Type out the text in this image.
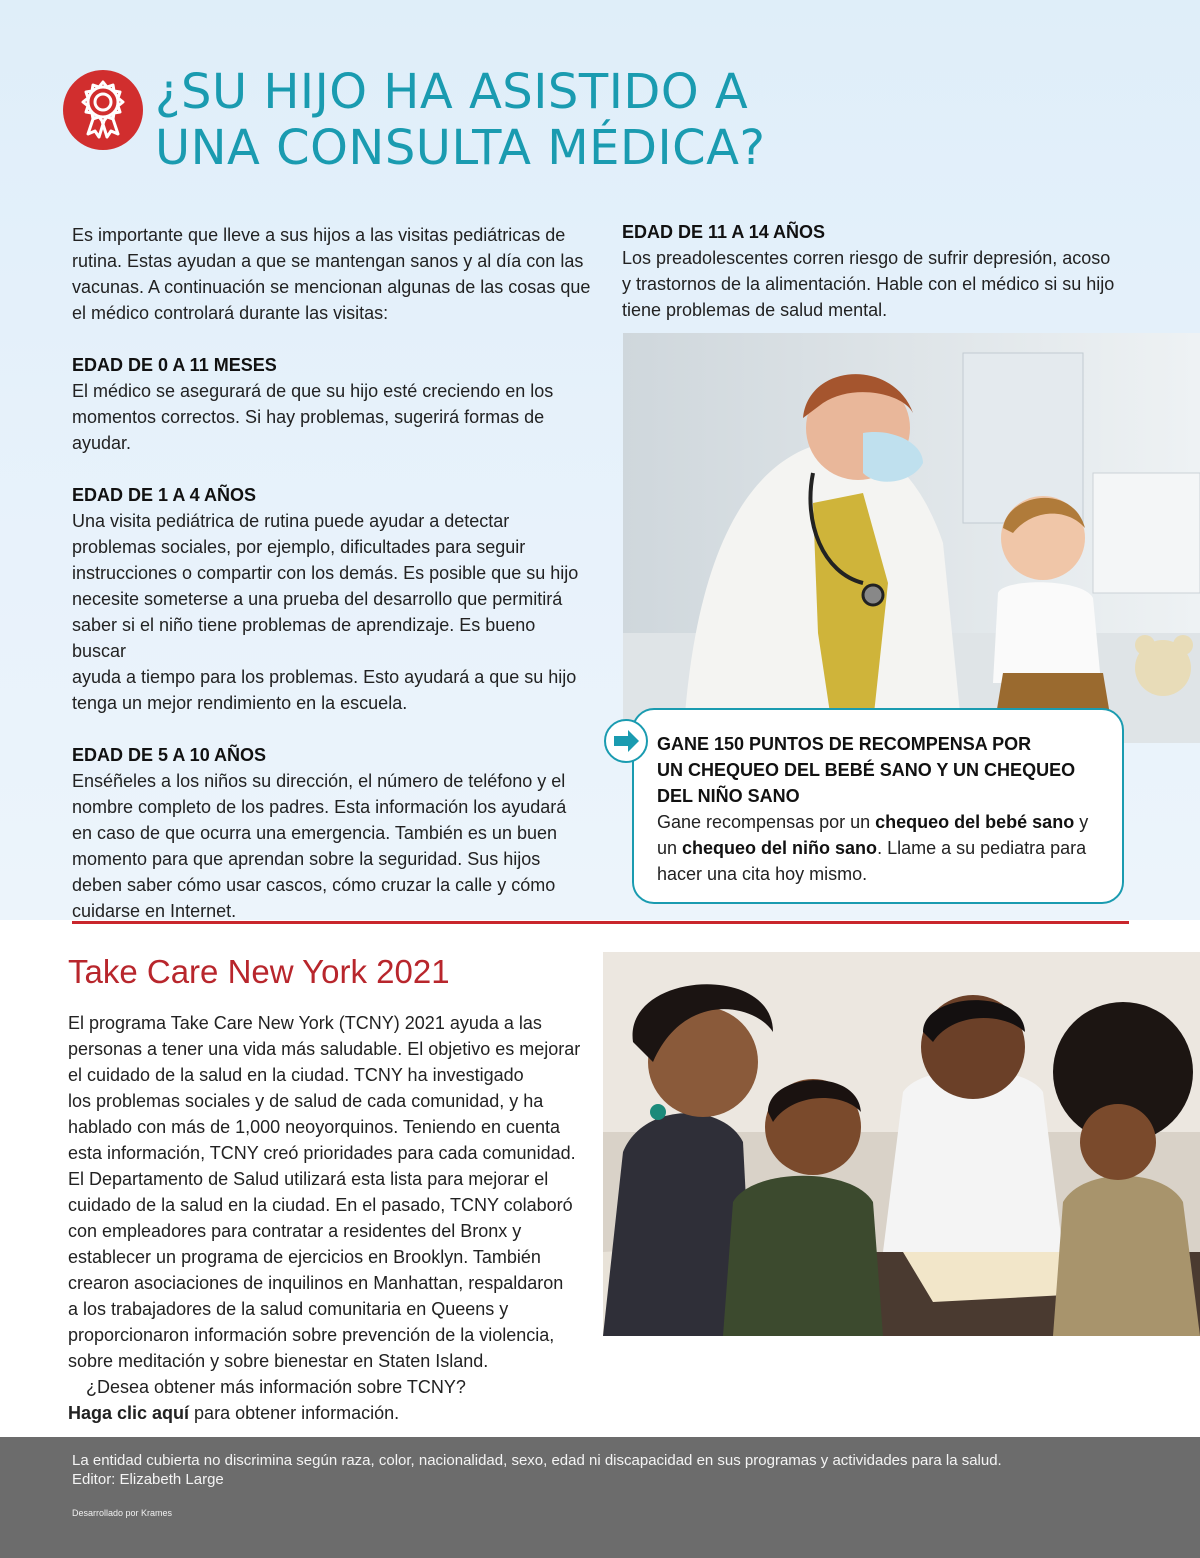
¿SU HIJO HA ASISTIDO A
UNA CONSULTA MÉDICA?

Es importante que lleve a sus hijos a las visitas pediátricas de

rutina. Estas ayudan a que se mantengan sanos y al día con las

vacunas. A continuación se mencionan algunas de las cosas que

el médico controlará durante las visitas:

EDAD DE 0 A 11 MESES

El médico se asegurará de que su hijo esté creciendo en los

momentos correctos. Si hay problemas, sugerirá formas de

ayudar.

EDAD DE 1 A 4 AÑOS

Una visita pediátrica de rutina puede ayudar a detectar

problemas sociales, por ejemplo, dificultades para seguir

instrucciones o compartir con los demás. Es posible que su hijo

necesite someterse a una prueba del desarrollo que permitirá

saber si el niño tiene problemas de aprendizaje. Es bueno buscar

ayuda a tiempo para los problemas. Esto ayudará a que su hijo

tenga un mejor rendimiento en la escuela.

EDAD DE 5 A 10 AÑOS

Enséñeles a los niños su dirección, el número de teléfono y el

nombre completo de los padres. Esta información los ayudará

en caso de que ocurra una emergencia. También es un buen

momento para que aprendan sobre la seguridad. Sus hijos

deben saber cómo usar cascos, cómo cruzar la calle y cómo

cuidarse en Internet.

EDAD DE 11 A 14 AÑOS

Los preadolescentes corren riesgo de sufrir depresión, acoso

y trastornos de la alimentación. Hable con el médico si su hijo

tiene problemas de salud mental.

GANE 150 PUNTOS DE RECOMPENSA POR
UN CHEQUEO DEL BEBÉ SANO Y UN CHEQUEO
DEL NIÑO SANO
Gane recompensas por un chequeo del bebé sano y
un chequeo del niño sano. Llame a su pediatra para
hacer una cita hoy mismo.
Take Care New York 2021

El programa Take Care New York (TCNY) 2021 ayuda a las

personas a tener una vida más saludable. El objetivo es mejorar

el cuidado de la salud en la ciudad. TCNY ha investigado

los problemas sociales y de salud de cada comunidad, y ha

hablado con más de 1,000 neoyorquinos. Teniendo en cuenta

esta información, TCNY creó prioridades para cada comunidad.

El Departamento de Salud utilizará esta lista para mejorar el

cuidado de la salud en la ciudad. En el pasado, TCNY colaboró

con empleadores para contratar a residentes del Bronx y

establecer un programa de ejercicios en Brooklyn. También

crearon asociaciones de inquilinos en Manhattan, respaldaron

a los trabajadores de la salud comunitaria en Queens y

proporcionaron información sobre prevención de la violencia,

sobre meditación y sobre bienestar en Staten Island.

¿Desea obtener más información sobre TCNY?

Haga clic aquí para obtener información.

La entidad cubierta no discrimina según raza, color, nacionalidad, sexo, edad ni discapacidad en sus programas y actividades para la salud.
Editor: Elizabeth Large
Desarrollado por Krames
